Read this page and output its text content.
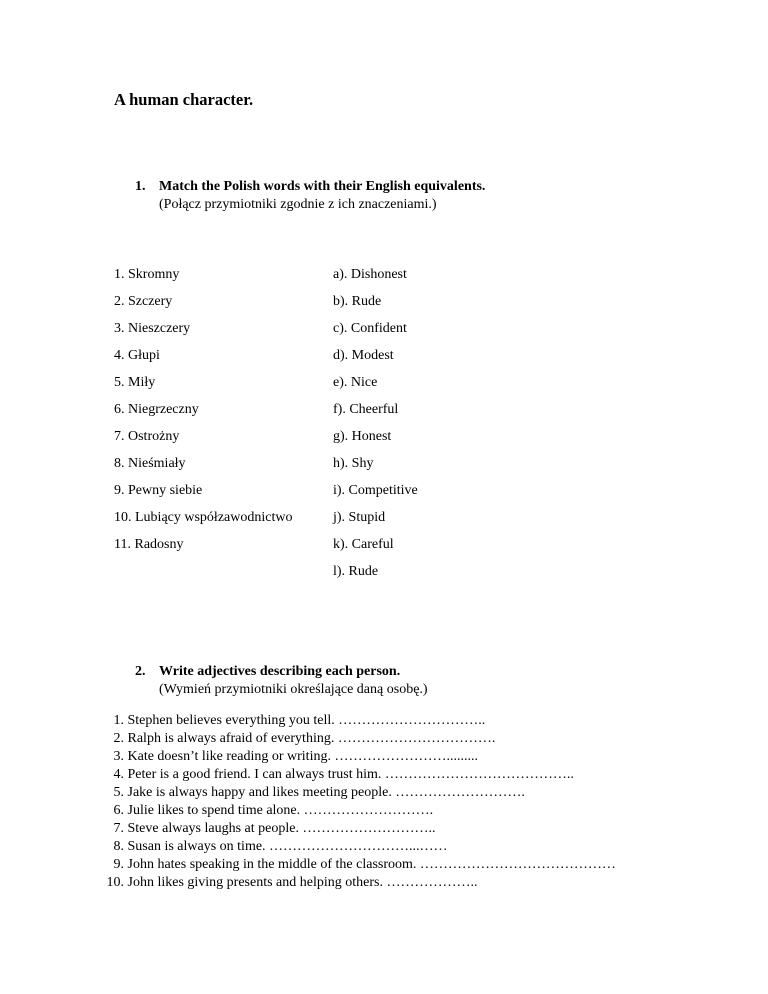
A human character.
1. Match the Polish words with their English equivalents.
(Połącz przymiotniki zgodnie z ich znaczeniami.)
1. Skromny
2. Szczery
3. Nieszczery
4. Głupi
5. Miły
6. Niegrzeczny
7. Ostrożny
8. Nieśmiały
9. Pewny siebie
10. Lubiący współzawodnictwo
11. Radosny
a). Dishonest
b). Rude
c). Confident
d). Modest
e). Nice
f). Cheerful
g). Honest
h). Shy
i). Competitive
j). Stupid
k). Careful
l). Rude
2. Write adjectives describing each person.
(Wymień przymiotniki określające daną osobę.)
1. Stephen believes everything you tell. …………………………..
2. Ralph is always afraid of everything. …………………………….
3. Kate doesn’t like reading or writing. …………………….........
4. Peter is a good friend. I can always trust him. …………………………………..
5. Jake is always happy and likes meeting people. ……………………….
6. Julie likes to spend time alone. ……………………….
7. Steve always laughs at people. ………………………..
8. Susan is always on time. …………………………...……
9. John hates speaking in the middle of the classroom. ……………………………………
10. John likes giving presents and helping others. ………………..
